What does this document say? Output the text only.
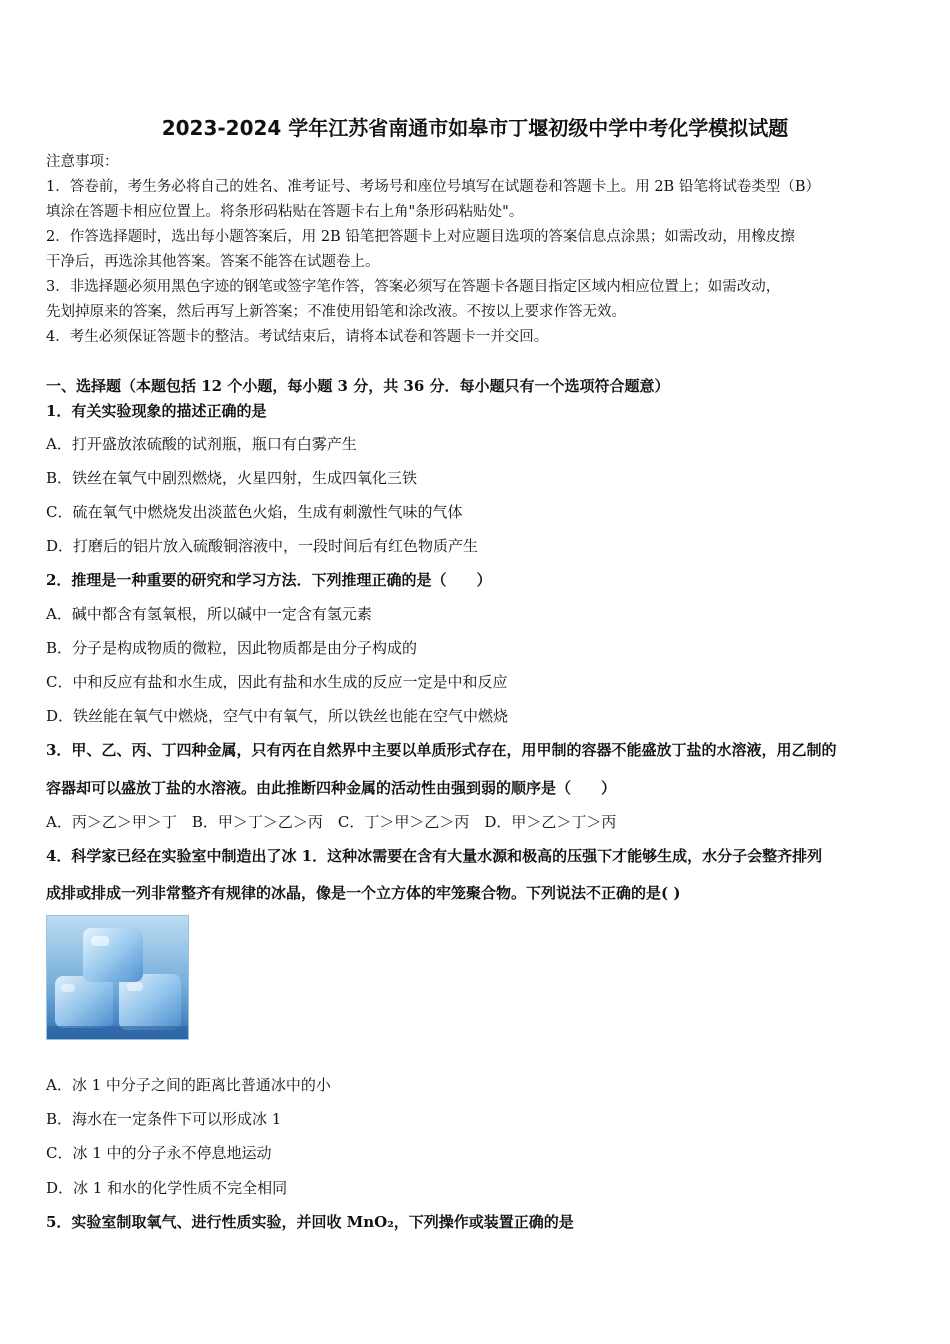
2023-2024 学年江苏省南通市如皋市丁堰初级中学中考化学模拟试题
注意事项：
1．答卷前，考生务必将自己的姓名、准考证号、考场号和座位号填写在试题卷和答题卡上。用 2B 铅笔将试卷类型（B）
填涂在答题卡相应位置上。将条形码粘贴在答题卡右上角"条形码粘贴处"。
2．作答选择题时，选出每小题答案后，用 2B 铅笔把答题卡上对应题目选项的答案信息点涂黑；如需改动，用橡皮擦
干净后，再选涂其他答案。答案不能答在试题卷上。
3．非选择题必须用黑色字迹的钢笔或签字笔作答，答案必须写在答题卡各题目指定区域内相应位置上；如需改动，
先划掉原来的答案，然后再写上新答案；不准使用铅笔和涂改液。不按以上要求作答无效。
4．考生必须保证答题卡的整洁。考试结束后，请将本试卷和答题卡一并交回。
一、选择题（本题包括 12 个小题，每小题 3 分，共 36 分．每小题只有一个选项符合题意）
1．有关实验现象的描述正确的是
A．打开盛放浓硫酸的试剂瓶，瓶口有白雾产生
B．铁丝在氧气中剧烈燃烧，火星四射，生成四氧化三铁
C．硫在氧气中燃烧发出淡蓝色火焰，生成有刺激性气味的气体
D．打磨后的铝片放入硫酸铜溶液中，一段时间后有红色物质产生
2．推理是一种重要的研究和学习方法．下列推理正确的是（　　）
A．碱中都含有氢氧根，所以碱中一定含有氢元素
B．分子是构成物质的微粒，因此物质都是由分子构成的
C．中和反应有盐和水生成，因此有盐和水生成的反应一定是中和反应
D．铁丝能在氧气中燃烧，空气中有氧气，所以铁丝也能在空气中燃烧
3．甲、乙、丙、丁四种金属，只有丙在自然界中主要以单质形式存在，用甲制的容器不能盛放丁盐的水溶液，用乙制的
容器却可以盛放丁盐的水溶液。由此推断四种金属的活动性由强到弱的顺序是（　　）
A．丙＞乙＞甲＞丁　B．甲＞丁＞乙＞丙　C．丁＞甲＞乙＞丙　D．甲＞乙＞丁＞丙
4．科学家已经在实验室中制造出了冰 1．这种冰需要在含有大量水源和极高的压强下才能够生成，水分子会整齐排列
成排或排成一列非常整齐有规律的冰晶，像是一个立方体的牢笼聚合物。下列说法不正确的是( )
A．冰 1 中分子之间的距离比普通冰中的小
B．海水在一定条件下可以形成冰 1
C．冰 1 中的分子永不停息地运动
D．冰 1 和水的化学性质不完全相同
5．实验室制取氧气、进行性质实验，并回收 MnO₂，下列操作或装置正确的是
